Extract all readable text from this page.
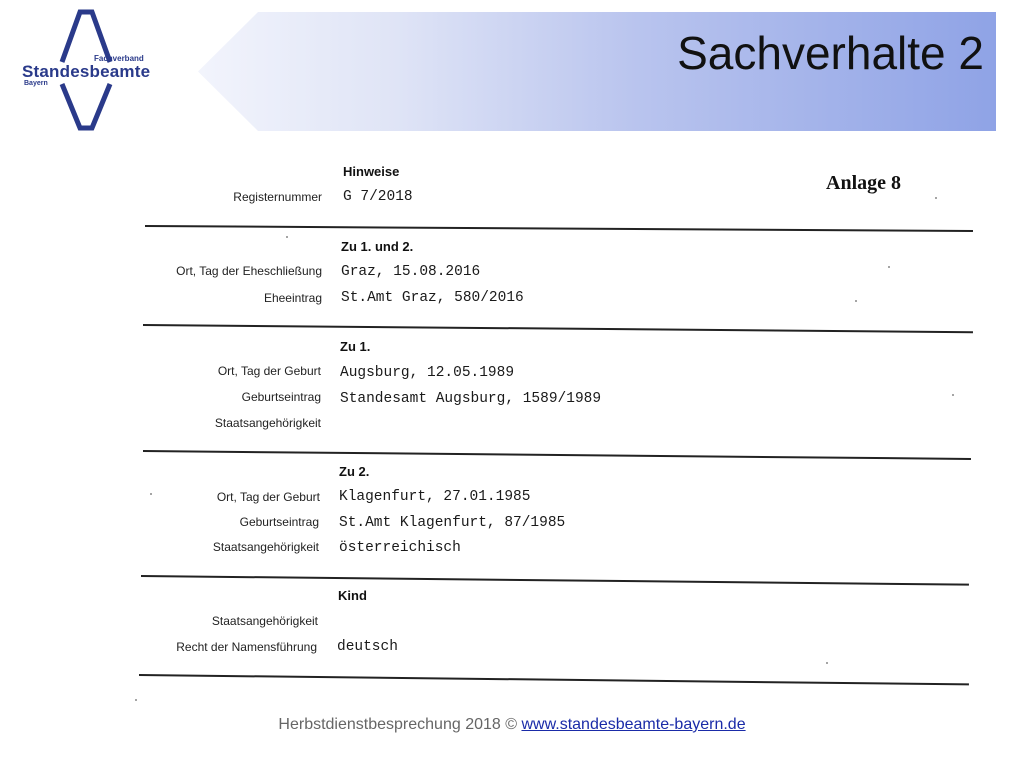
Sachverhalte 2
Fachverband
Standesbeamte
Bayern
Anlage 8
Hinweise
Registernummer G 7/2018
Zu 1. und 2.
Ort, Tag der Eheschließung Graz, 15.08.2016
Eheeintrag St.Amt Graz, 580/2016
Zu 1.
Ort, Tag der Geburt Augsburg, 12.05.1989
Geburtseintrag Standesamt Augsburg, 1589/1989
Staatsangehörigkeit
Zu 2.
Ort, Tag der Geburt Klagenfurt, 27.01.1985
Geburtseintrag St.Amt Klagenfurt, 87/1985
Staatsangehörigkeit österreichisch
Kind
Staatsangehörigkeit
Recht der Namensführung deutsch
Herbstdienstbesprechung 2018 © www.standesbeamte-bayern.de
